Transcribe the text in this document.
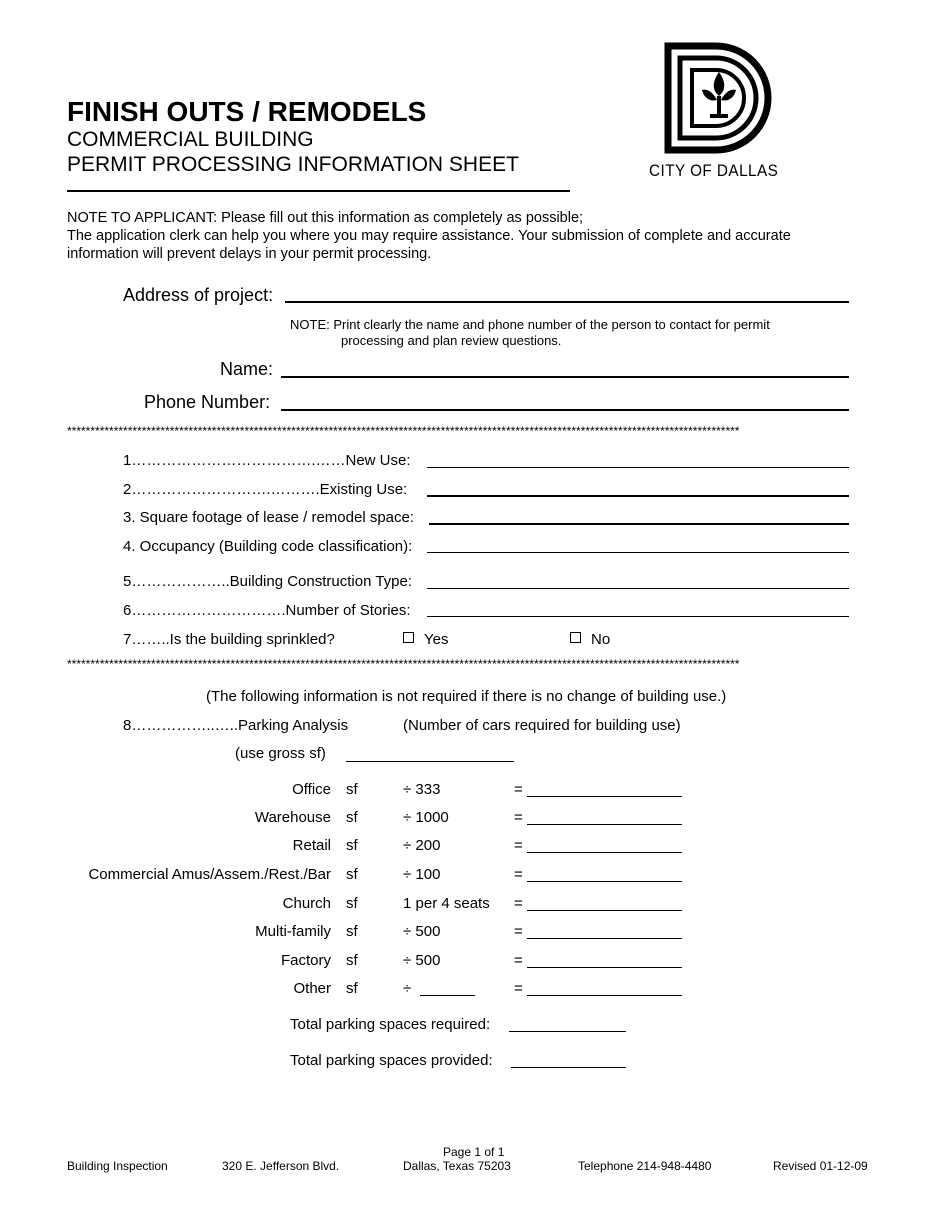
FINISH OUTS / REMODELS
COMMERCIAL BUILDING
PERMIT PROCESSING INFORMATION SHEET	CITY OF DALLAS
NOTE TO APPLICANT: Please fill out this information as completely as possible;
The application clerk can help you where you may require assistance. Your submission of complete and accurate
information will prevent delays in your permit processing.
Address of project:
NOTE: Print clearly the name and phone number of the person to contact for permit
processing and plan review questions.
Name:
Phone Number:
************************************************************************************************************************************************
1……………………………….……New Use:
2……………………….……….Existing Use:
3. Square footage of lease / remodel space:
4. Occupancy (Building code classification):
5………………..Building Construction Type:
6………………………….Number of Stories:
7……..Is the building sprinkled?	Yes	No
************************************************************************************************************************************************
(The following information is not required if there is no change of building use.)
8……………..…..Parking Analysis	(Number of cars required for building use)
(use gross sf)
Office sf	÷ 333	=
Warehouse sf	÷ 1000	=
Retail sf	÷ 200	=
Commercial Amus/Assem./Rest./Bar sf	÷ 100	=
Church sf	1 per 4 seats =
Multi-family sf	÷ 500	=
Factory sf	÷ 500	=
Other sf	÷	=
Total parking spaces required:
Total parking spaces provided:
Page 1 of 1
Building Inspection	320 E. Jefferson Blvd.	Dallas, Texas 75203	Telephone 214-948-4480	Revised 01-12-09
